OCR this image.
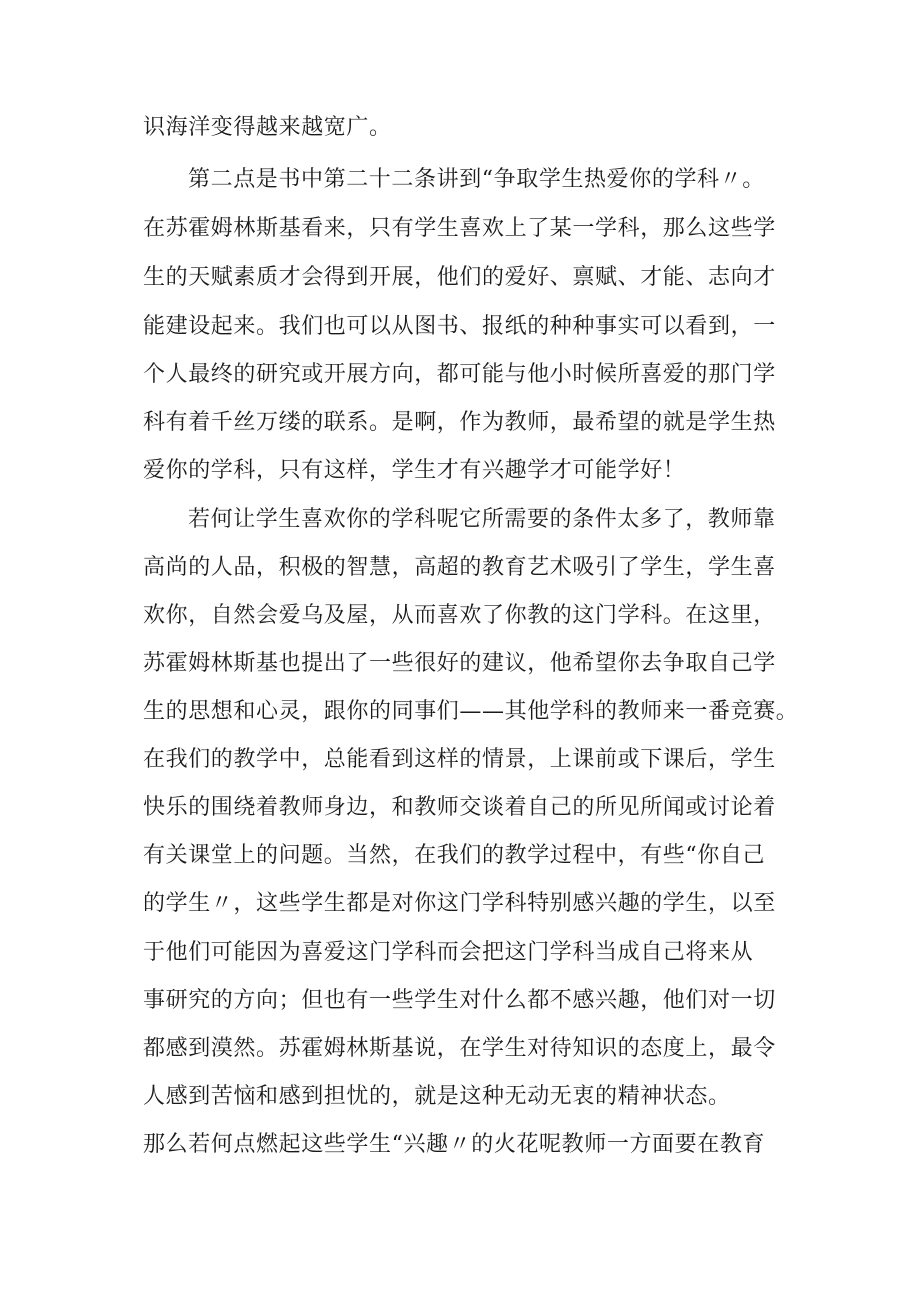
识海洋变得越来越宽广。
第二点是书中第二十二条讲到“争取学生热爱你的学科〃。
在苏霍姆林斯基看来，只有学生喜欢上了某一学科，那么这些学
生的天赋素质才会得到开展，他们的爱好、禀赋、才能、志向才
能建设起来。我们也可以从图书、报纸的种种事实可以看到，一
个人最终的研究或开展方向，都可能与他小时候所喜爱的那门学
科有着千丝万缕的联系。是啊，作为教师，最希望的就是学生热
爱你的学科，只有这样，学生才有兴趣学才可能学好！
若何让学生喜欢你的学科呢它所需要的条件太多了，教师靠
高尚的人品，积极的智慧，高超的教育艺术吸引了学生，学生喜
欢你，自然会爱乌及屋，从而喜欢了你教的这门学科。在这里，
苏霍姆林斯基也提出了一些很好的建议，他希望你去争取自己学
生的思想和心灵，跟你的同事们——其他学科的教师来一番竞赛。
在我们的教学中，总能看到这样的情景，上课前或下课后，学生
快乐的围绕着教师身边，和教师交谈着自己的所见所闻或讨论着
有关课堂上的问题。当然，在我们的教学过程中，有些“你自己
的学生〃，这些学生都是对你这门学科特别感兴趣的学生，以至
于他们可能因为喜爱这门学科而会把这门学科当成自己将来从
事研究的方向；但也有一些学生对什么都不感兴趣，他们对一切
都感到漠然。苏霍姆林斯基说，在学生对待知识的态度上，最令
人感到苦恼和感到担忧的，就是这种无动无衷的精神状态。
那么若何点燃起这些学生“兴趣〃的火花呢教师一方面要在教育
